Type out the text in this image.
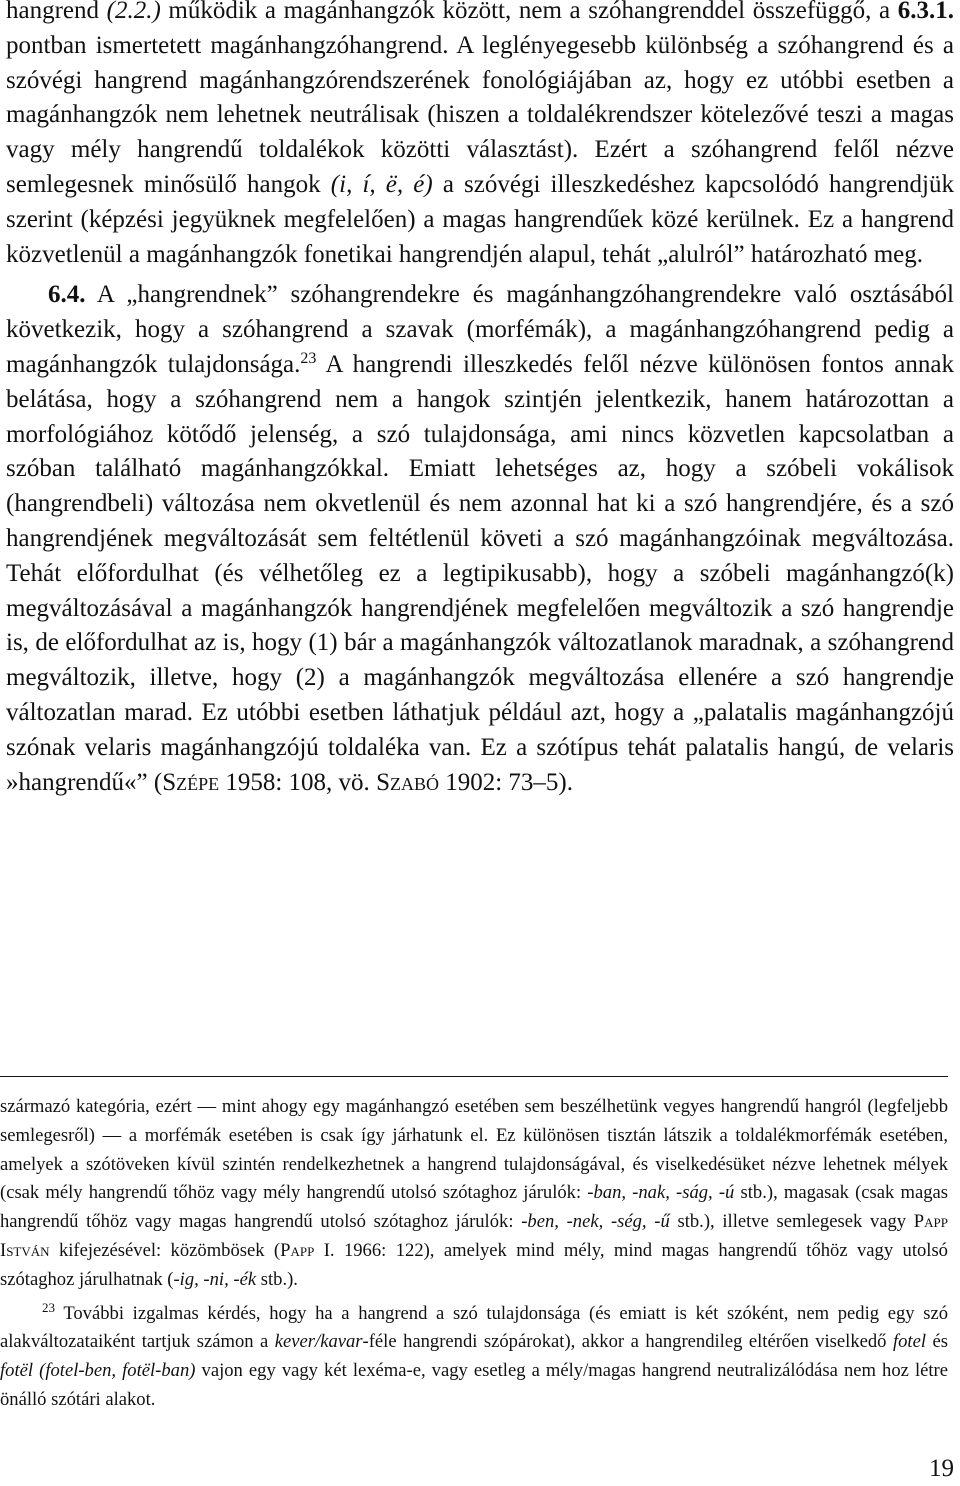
hangrend (2.2.) működik a magánhangzók között, nem a szóhangrenddel összefüggő, a 6.3.1. pontban ismertetett magánhangzóhangrend. A leglényegesebb különbség a szóhangrend és a szóvégi hangrend magánhangzórendszerének fonológiájában az, hogy ez utóbbi esetben a magánhangzók nem lehetnek neutrálisak (hiszen a toldalékrendszer kötelezővé teszi a magas vagy mély hangrendű toldalékok közötti választást). Ezért a szóhangrend felől nézve semlegesnek minősülő hangok (i, í, ë, é) a szóvégi illeszkedéshez kapcsolódó hangrendjük szerint (képzési jegyüknek megfelelően) a magas hangrendűek közé kerülnek. Ez a hangrend közvetlenül a magánhangzók fonetikai hangrendjén alapul, tehát „alulról” határozható meg.

6.4. A „hangrendnek” szóhangrendekre és magánhangzóhangrendekre való osztásából következik, hogy a szóhangrend a szavak (morfémák), a magánhangzóhangrend pedig a magánhangzók tulajdonsága.$^{23}$ A hangrendi illeszkedés felől nézve különösen fontos annak belátása, hogy a szóhangrend nem a hangok szintjén jelentkezik, hanem határozottan a morfológiához kötődő jelenség, a szó tulajdonsága, ami nincs közvetlen kapcsolatban a szóban található magánhangzókkal. Emiatt lehetséges az, hogy a szóbeli vokálisok (hangrendbeli) változása nem okvetlenül és nem azonnal hat ki a szó hangrendjére, és a szó hangrendjének megváltozását sem feltétlenül követi a szó magánhangzóinak megváltozása. Tehát előfordulhat (és vélhetőleg ez a legtipikusabb), hogy a szóbeli magánhangzó(k) megváltozásával a magánhangzók hangrendjének megfelelően megváltozik a szó hangrendje is, de előfordulhat az is, hogy (1) bár a magánhangzók változatlanok maradnak, a szóhangrend megváltozik, illetve, hogy (2) a magánhangzók megváltozása ellenére a szó hangrendje változatlan marad. Ez utóbbi esetben láthatjuk például azt, hogy a „palatalis magánhangzójú szónak velaris magánhangzójú toldaléka van. Ez a szótípus tehát palatalis hangú, de velaris »hangrendű«” (Szépe 1958: 108, vö. Szabó 1902: 73–5).

származó kategória, ezért — mint ahogy egy magánhangzó esetében sem beszélhetünk vegyes hangrendű hangról (legfeljebb semlegesről) — a morfémák esetében is csak így járhatunk el. Ez különösen tisztán látszik a toldalékmorfémák esetében, amelyek a szótöveken kívül szintén rendelkezhetnek a hangrend tulajdonságával, és viselkedésüket nézve lehetnek mélyek (csak mély hangrendű tőhöz vagy mély hangrendű utolsó szótaghoz járulók: -ban, -nak, -ság, -ú stb.), magasak (csak magas hangrendű tőhöz vagy magas hangrendű utolsó szótaghoz járulók: -ben, -nek, -ség, -ű stb.), illetve semlegesek vagy Papp István kifejezésével: közömbösek (Papp I. 1966: 122), amelyek mind mély, mind magas hangrendű tőhöz vagy utolsó szótaghoz járulhatnak (-ig, -ni, -ék stb.).

$^{23}$ További izgalmas kérdés, hogy ha a hangrend a szó tulajdonsága (és emiatt is két szóként, nem pedig egy szó alakváltozataiként tartjuk számon a kever/kavar-féle hangrendi szópárokat), akkor a hangrendileg eltérően viselkedő fotel és fotël (fotel-ben, fotël-ban) vajon egy vagy két lexéma-e, vagy esetleg a mély/magas hangrend neutralizálódása nem hoz létre önálló szótári alakot.

19
